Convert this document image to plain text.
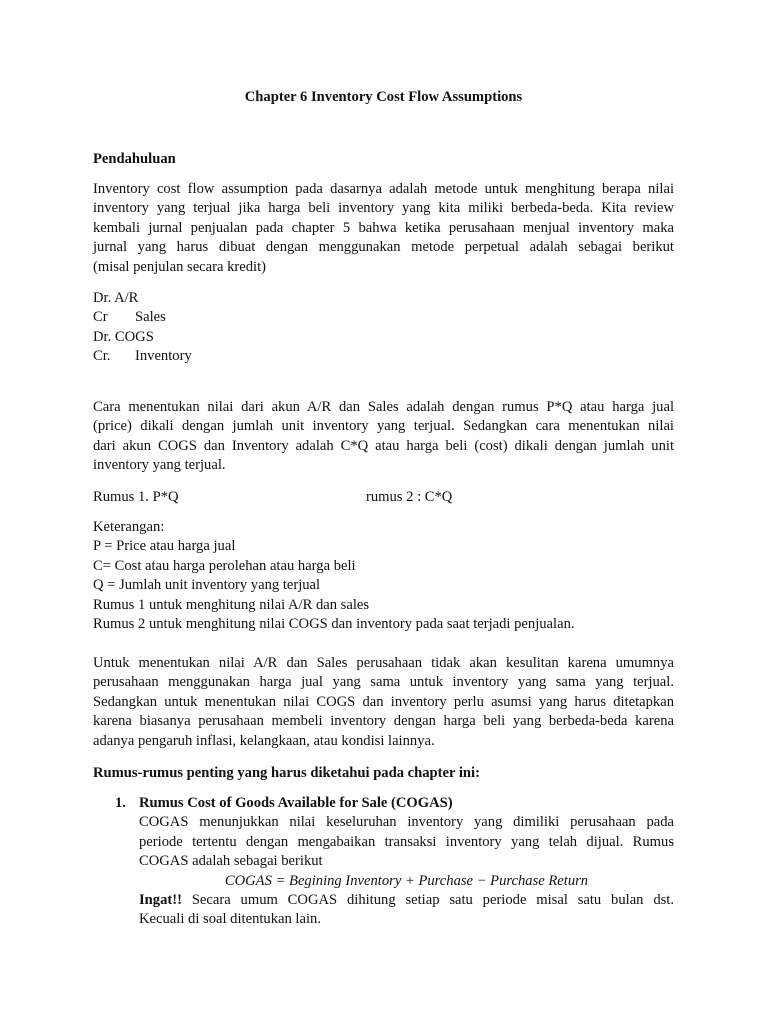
Chapter 6 Inventory Cost Flow Assumptions
Pendahuluan
Inventory cost flow assumption pada dasarnya adalah metode untuk menghitung berapa nilai
inventory yang terjual jika harga beli inventory yang kita miliki berbeda-beda. Kita review
kembali jurnal penjualan pada chapter 5 bahwa ketika perusahaan menjual inventory maka
jurnal yang harus dibuat dengan menggunakan metode perpetual adalah sebagai berikut
(misal penjulan secara kredit)
Dr. A/R
Cr Sales
Dr. COGS
Cr. Inventory
Cara menentukan nilai dari akun A/R dan Sales adalah dengan rumus P*Q atau harga jual
(price) dikali dengan jumlah unit inventory yang terjual. Sedangkan cara menentukan nilai
dari akun COGS dan Inventory adalah C*Q atau harga beli (cost) dikali dengan jumlah unit
inventory yang terjual.
Rumus 1. P*Q	rumus 2 : C*Q
Keterangan:
P = Price atau harga jual
C= Cost atau harga perolehan atau harga beli
Q = Jumlah unit inventory yang terjual
Rumus 1 untuk menghitung nilai A/R dan sales
Rumus 2 untuk menghitung nilai COGS dan inventory pada saat terjadi penjualan.
Untuk menentukan nilai A/R dan Sales perusahaan tidak akan kesulitan karena umumnya
perusahaan menggunakan harga jual yang sama untuk inventory yang sama yang terjual.
Sedangkan untuk menentukan nilai COGS dan inventory perlu asumsi yang harus ditetapkan
karena biasanya perusahaan membeli inventory dengan harga beli yang berbeda-beda karena
adanya pengaruh inflasi, kelangkaan, atau kondisi lainnya.
Rumus-rumus penting yang harus diketahui pada chapter ini:
1. Rumus Cost of Goods Available for Sale (COGAS)
COGAS menunjukkan nilai keseluruhan inventory yang dimiliki perusahaan pada
periode tertentu dengan mengabaikan transaksi inventory yang telah dijual. Rumus
COGAS adalah sebagai berikut
COGAS = Begining Inventory + Purchase − Purchase Return
Ingat!! Secara umum COGAS dihitung setiap satu periode misal satu bulan dst.
Kecuali di soal ditentukan lain.
